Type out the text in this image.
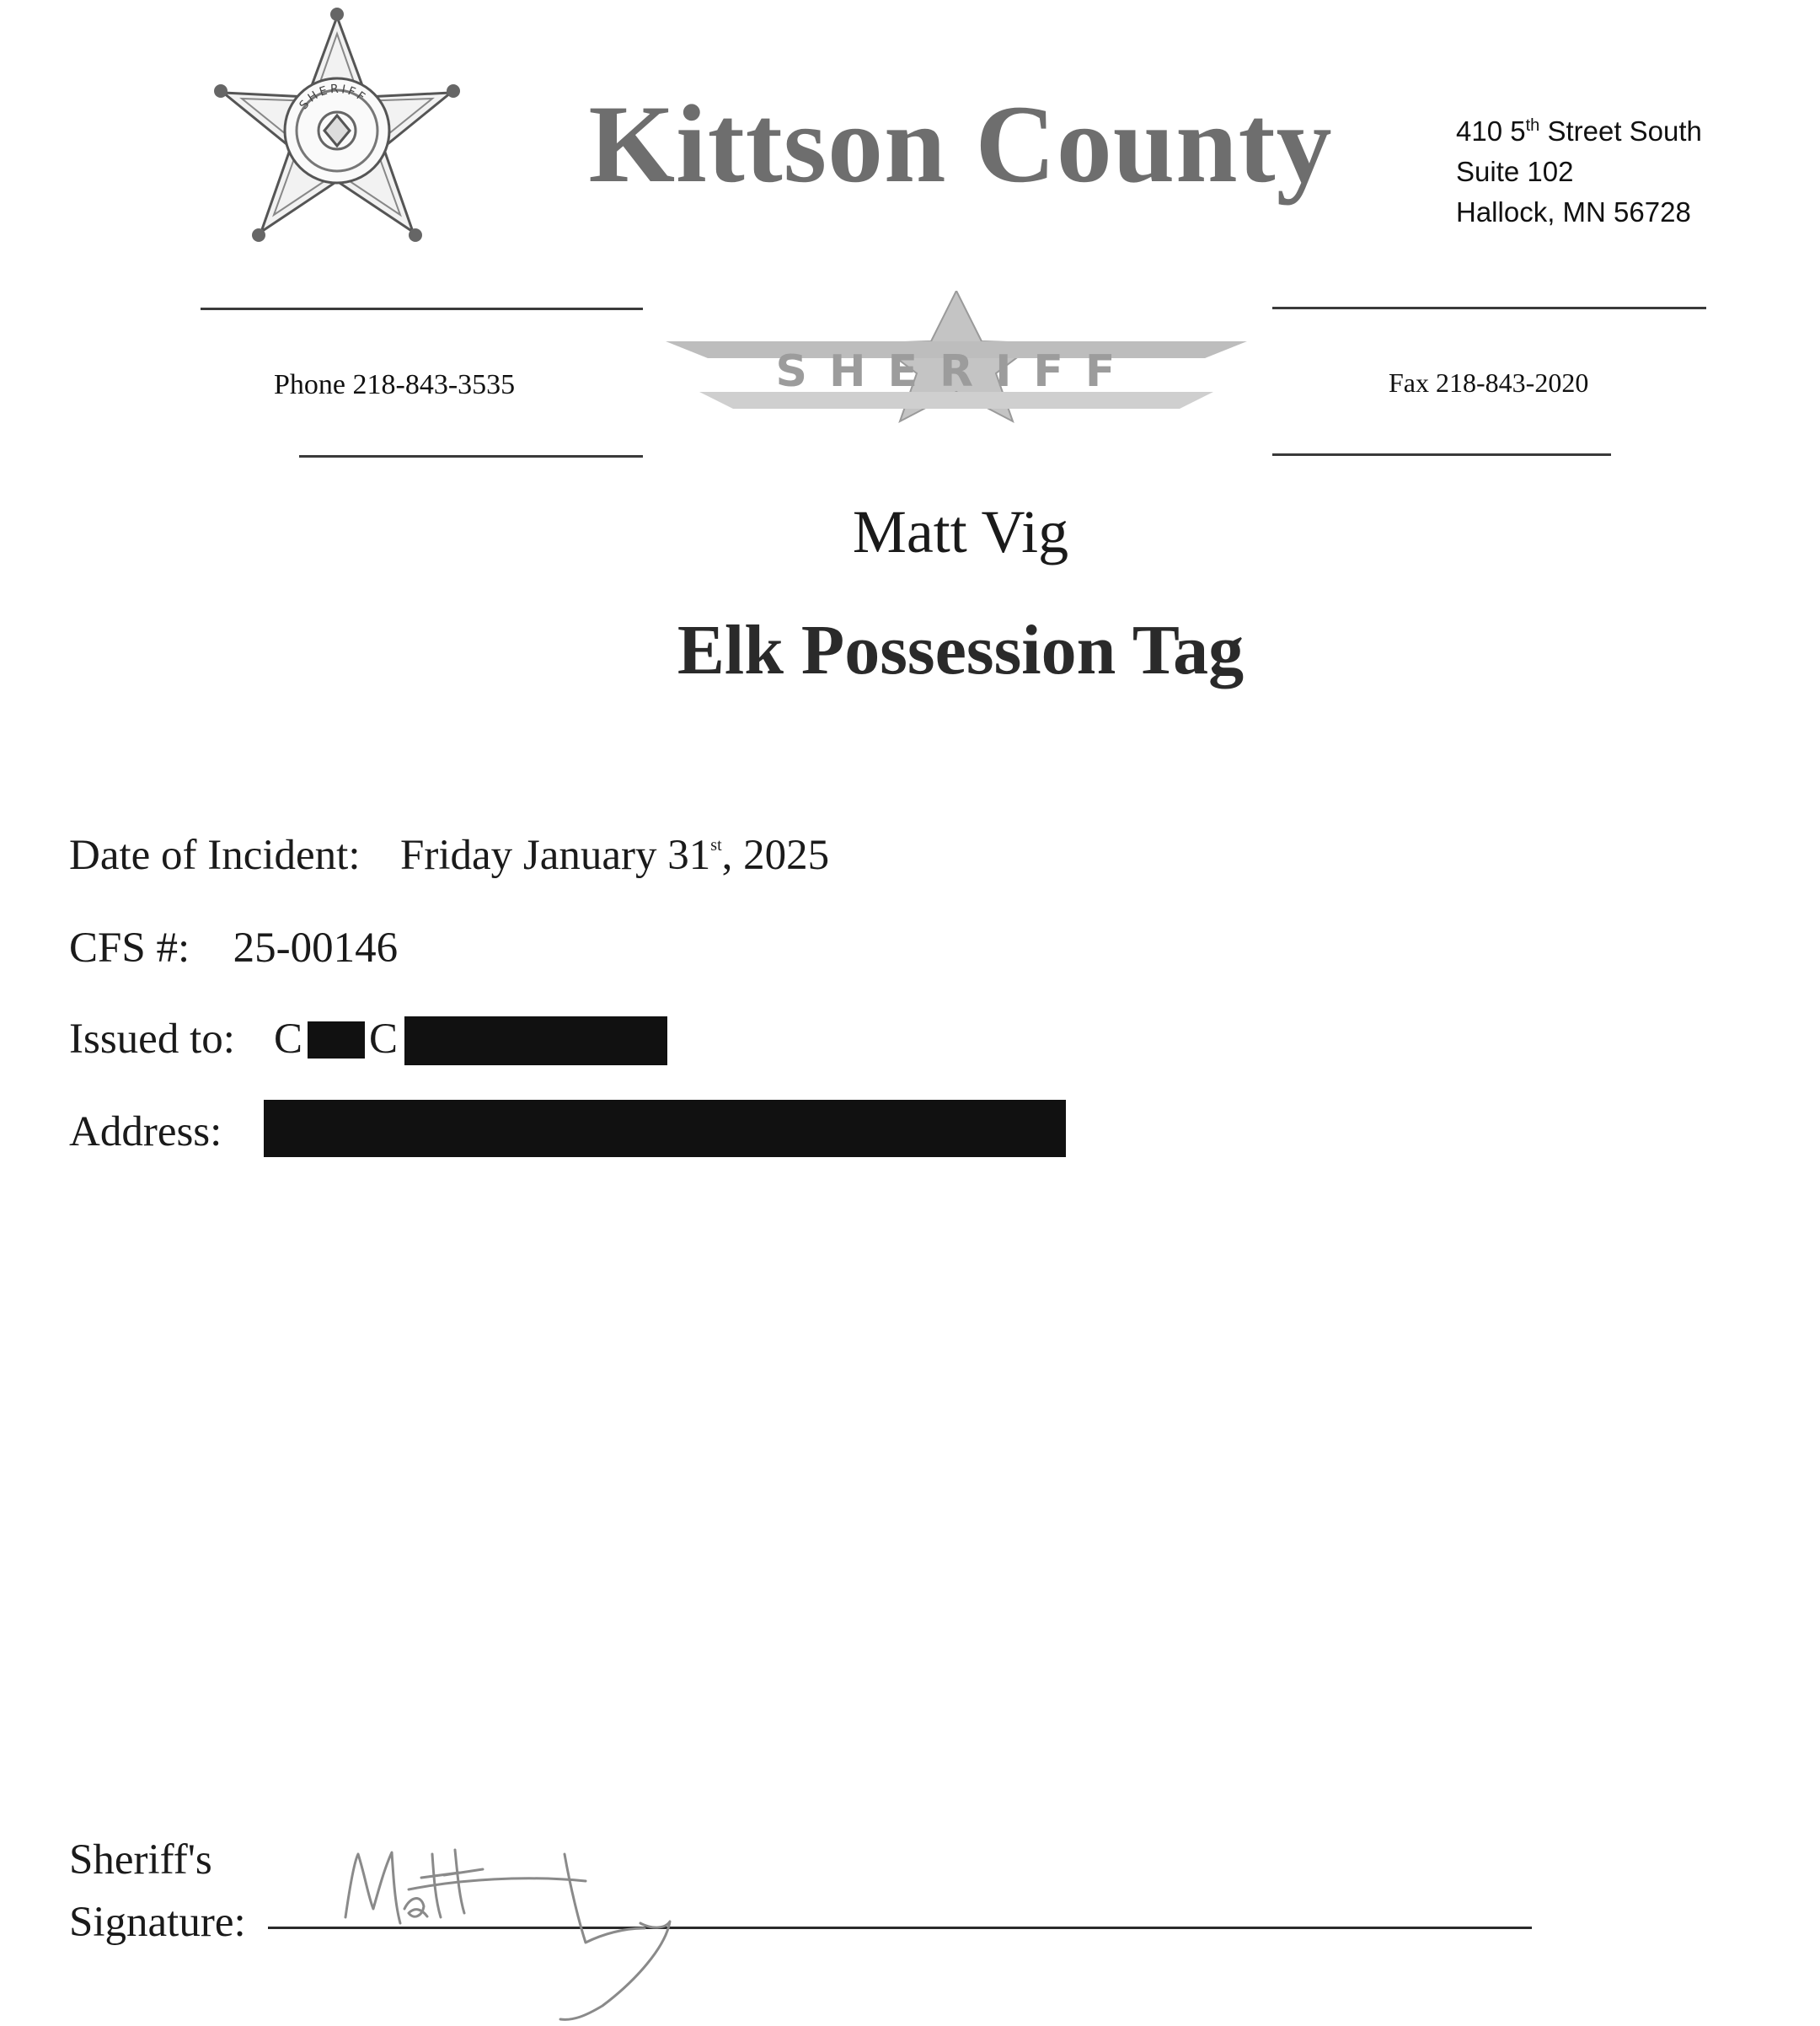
SHERIFF Kittson County	410 5th Street South
Suite 102
Hallock, MN 56728
Phone 218-843-3535	Fax 218-843-2020
SHERIFF
Matt Vig
Elk Possession Tag
Date of Incident: Friday January 31st, 2025
CFS #: 25-00146
Issued to: C C
Address:
Sheriff's
Signature:
